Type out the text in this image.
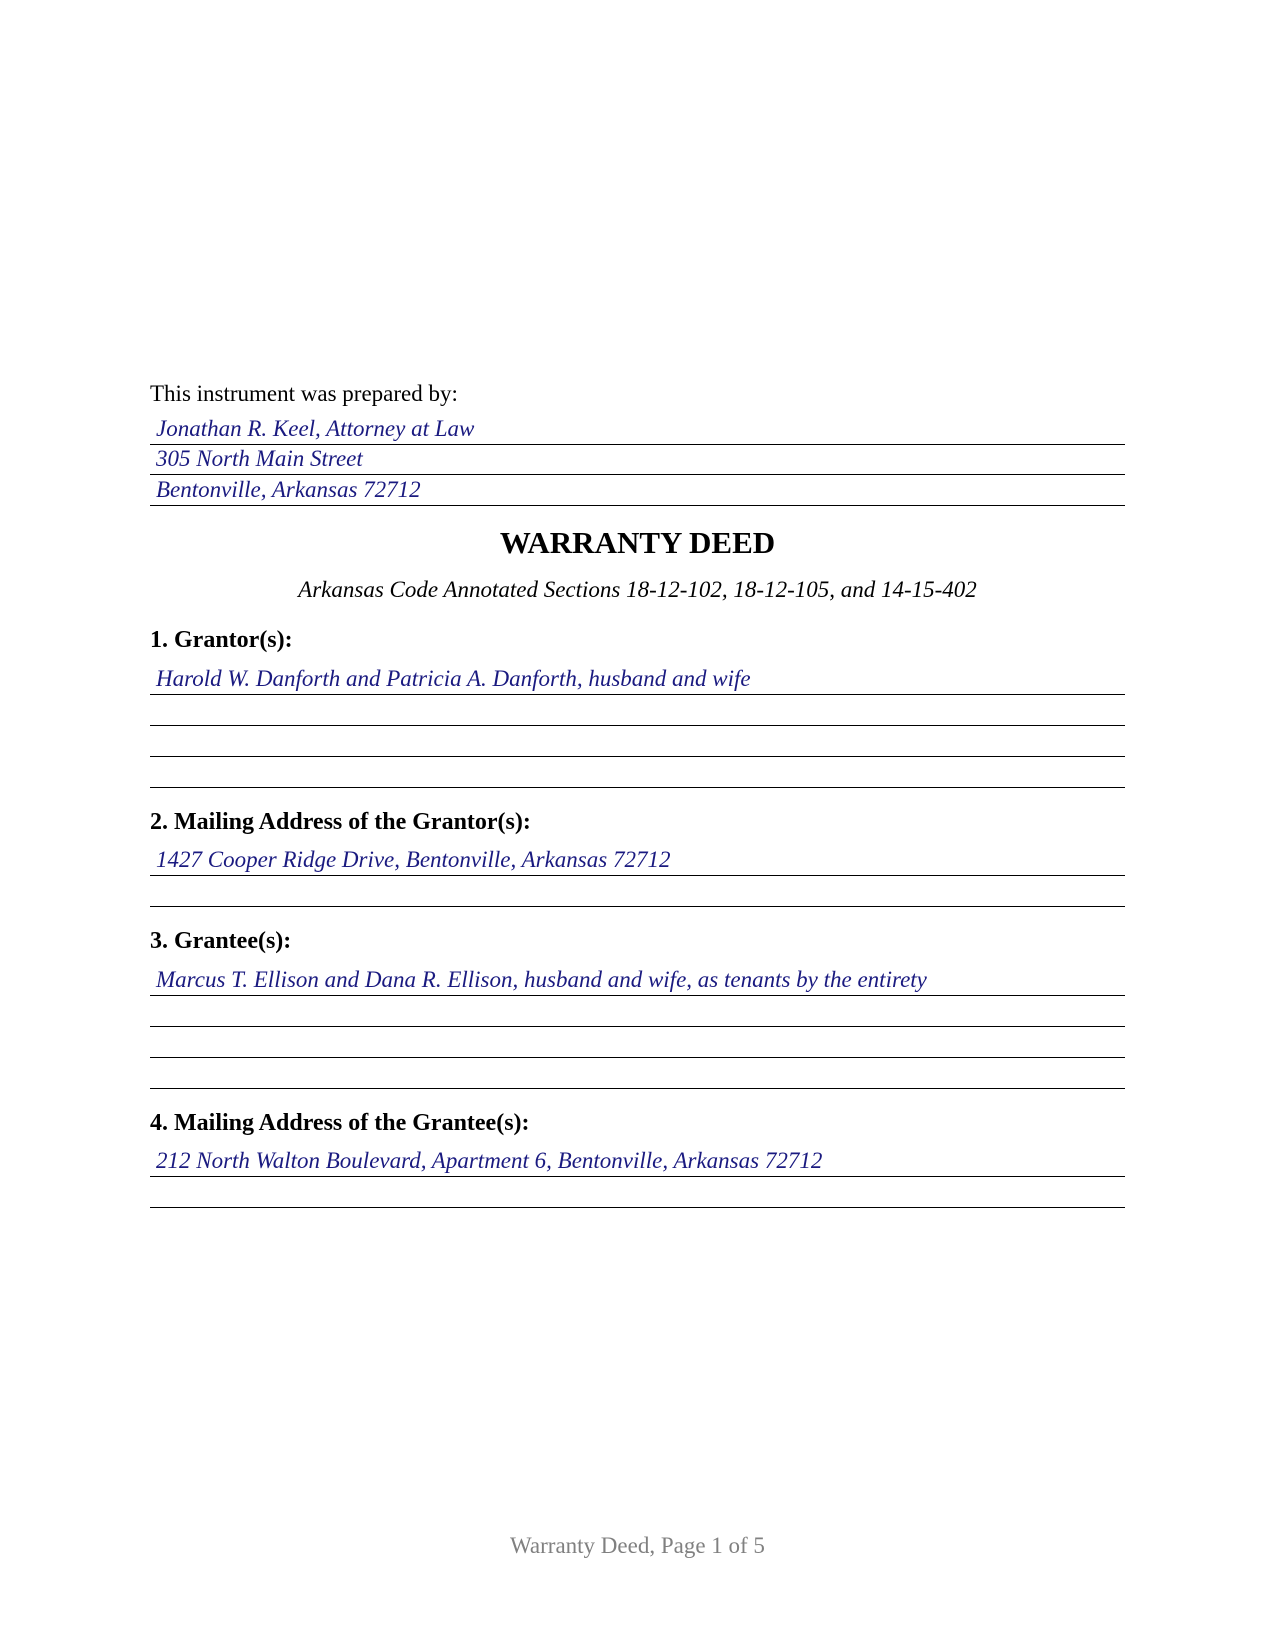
This instrument was prepared by:

Jonathan R. Keel, Attorney at Law
305 North Main Street
Bentonville, Arkansas 72712
WARRANTY DEED

Arkansas Code Annotated Sections 18-12-102, 18-12-105, and 14-15-402

1. Grantor(s):
Harold W. Danforth and Patricia A. Danforth, husband and wife
2. Mailing Address of the Grantor(s):
1427 Cooper Ridge Drive, Bentonville, Arkansas 72712
3. Grantee(s):
Marcus T. Ellison and Dana R. Ellison, husband and wife, as tenants by the entirety
4. Mailing Address of the Grantee(s):
212 North Walton Boulevard, Apartment 6, Bentonville, Arkansas 72712

Warranty Deed, Page 1 of 5
